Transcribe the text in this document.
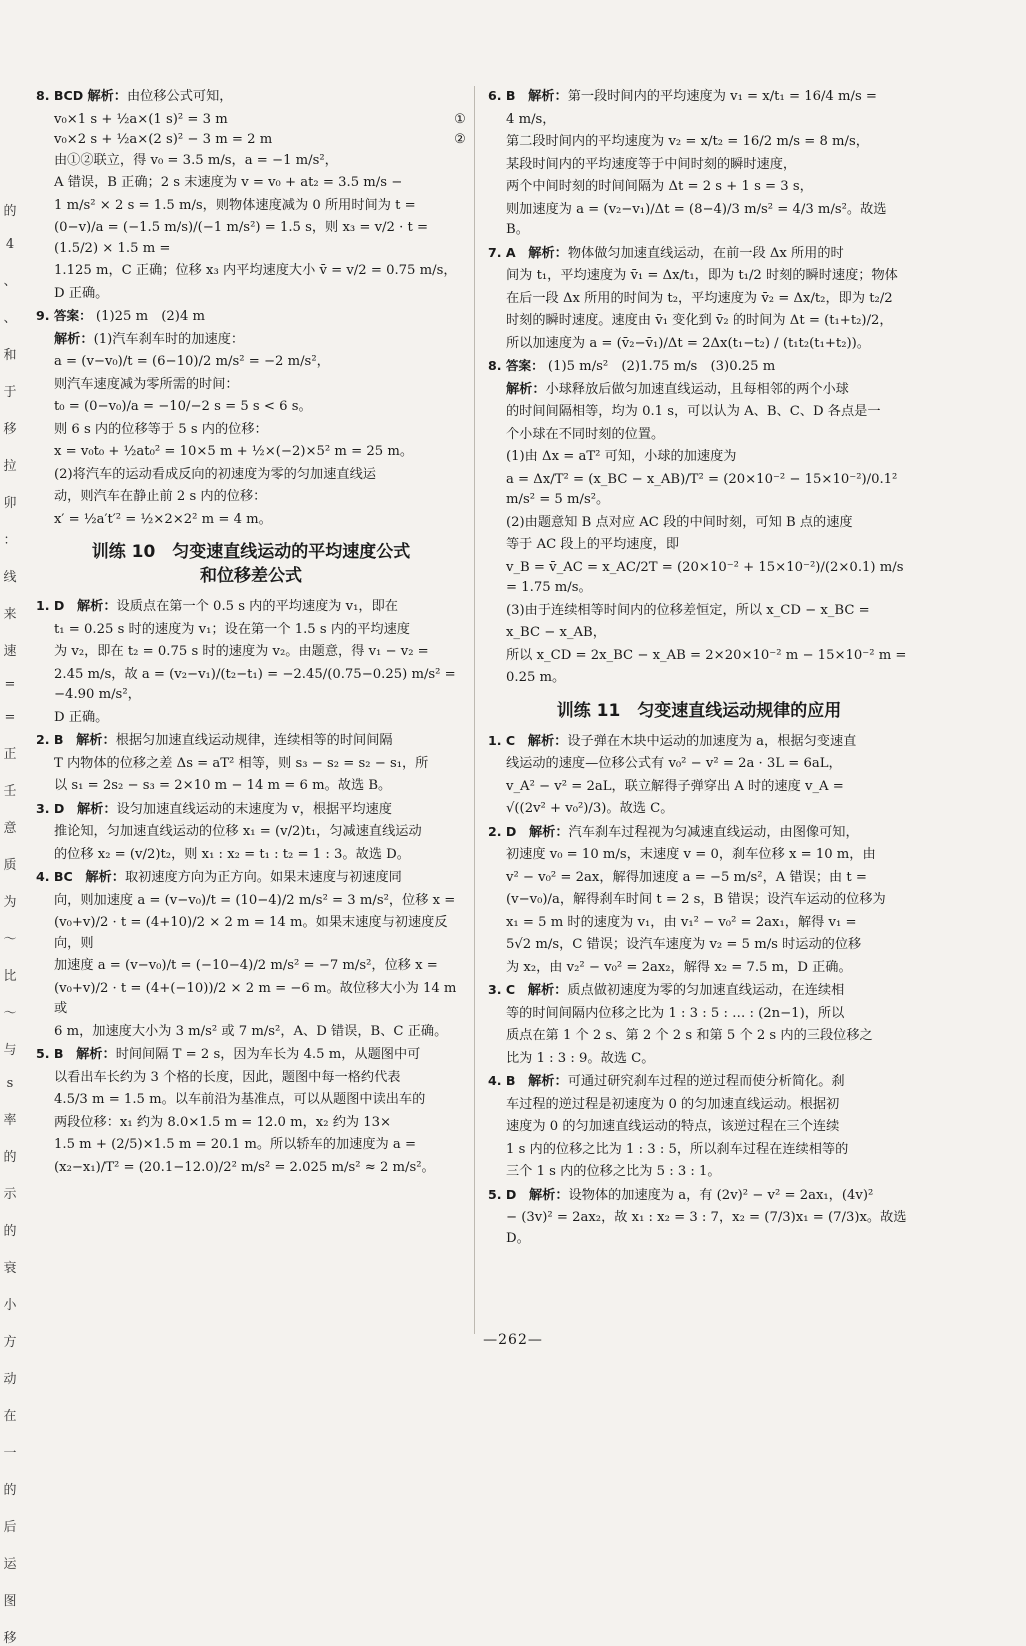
的
4
、
、
和
于
移
拉
卯
：
线
来
速
=
=
正
壬
意
质
为
～
比
～
与
s
率
的
示
的
衰
小
方
动
在
一
的
后
运
图
移

8. BCD 解析：由位移公式可知，

v₀×1 s + ½a×(1 s)² = 3 m	①
v₀×2 s + ½a×(2 s)² − 3 m = 2 m	②

由①②联立，得 v₀ = 3.5 m/s，a = −1 m/s²，

A 错误，B 正确；2 s 末速度为 v = v₀ + at₂ = 3.5 m/s −

1 m/s² × 2 s = 1.5 m/s，则物体速度减为 0 所用时间为 t =

(0−v)/a = (−1.5 m/s)/(−1 m/s²) = 1.5 s，则 x₃ = v/2 · t = (1.5/2) × 1.5 m =

1.125 m，C 正确；位移 x₃ 内平均速度大小 v̄ = v/2 = 0.75 m/s，

D 正确。

9. 答案： (1)25 m　(2)4 m

解析：(1)汽车刹车时的加速度：

a = (v−v₀)/t = (6−10)/2 m/s² = −2 m/s²，

则汽车速度减为零所需的时间：

t₀ = (0−v₀)/a = −10/−2 s = 5 s < 6 s。

则 6 s 内的位移等于 5 s 内的位移：

x = v₀t₀ + ½at₀² = 10×5 m + ½×(−2)×5² m = 25 m。

(2)将汽车的运动看成反向的初速度为零的匀加速直线运

动，则汽车在静止前 2 s 内的位移：

x′ = ½a′t′² = ½×2×2² m = 4 m。

训练 10　匀变速直线运动的平均速度公式
和位移差公式

1. D　解析：设质点在第一个 0.5 s 内的平均速度为 v₁，即在

t₁ = 0.25 s 时的速度为 v₁；设在第一个 1.5 s 内的平均速度

为 v₂，即在 t₂ = 0.75 s 时的速度为 v₂。由题意，得 v₁ − v₂ =

2.45 m/s，故 a = (v₂−v₁)/(t₂−t₁) = −2.45/(0.75−0.25) m/s² = −4.90 m/s²，

D 正确。

2. B　解析：根据匀加速直线运动规律，连续相等的时间间隔

T 内物体的位移之差 Δs = aT² 相等，则 s₃ − s₂ = s₂ − s₁，所

以 s₁ = 2s₂ − s₃ = 2×10 m − 14 m = 6 m。故选 B。

3. D　解析：设匀加速直线运动的末速度为 v，根据平均速度

推论知，匀加速直线运动的位移 x₁ = (v/2)t₁，匀减速直线运动

的位移 x₂ = (v/2)t₂，则 x₁ : x₂ = t₁ : t₂ = 1 : 3。故选 D。

4. BC　解析：取初速度方向为正方向。如果末速度与初速度同

向，则加速度 a = (v−v₀)/t = (10−4)/2 m/s² = 3 m/s²，位移 x =

(v₀+v)/2 · t = (4+10)/2 × 2 m = 14 m。如果末速度与初速度反向，则

加速度 a = (v−v₀)/t = (−10−4)/2 m/s² = −7 m/s²，位移 x =

(v₀+v)/2 · t = (4+(−10))/2 × 2 m = −6 m。故位移大小为 14 m 或

6 m，加速度大小为 3 m/s² 或 7 m/s²，A、D 错误，B、C 正确。

5. B　解析：时间间隔 T = 2 s，因为车长为 4.5 m，从题图中可

以看出车长约为 3 个格的长度，因此，题图中每一格约代表

4.5/3 m = 1.5 m。以车前沿为基准点，可以从题图中读出车的

两段位移：x₁ 约为 8.0×1.5 m = 12.0 m，x₂ 约为 13×

1.5 m + (2/5)×1.5 m = 20.1 m。所以轿车的加速度为 a =

(x₂−x₁)/T² = (20.1−12.0)/2² m/s² = 2.025 m/s² ≈ 2 m/s²。

6. B　解析：第一段时间内的平均速度为 v₁ = x/t₁ = 16/4 m/s =

4 m/s，

第二段时间内的平均速度为 v₂ = x/t₂ = 16/2 m/s = 8 m/s，

某段时间内的平均速度等于中间时刻的瞬时速度，

两个中间时刻的时间间隔为 Δt = 2 s + 1 s = 3 s，

则加速度为 a = (v₂−v₁)/Δt = (8−4)/3 m/s² = 4/3 m/s²。故选 B。

7. A　解析：物体做匀加速直线运动，在前一段 Δx 所用的时

间为 t₁，平均速度为 v̄₁ = Δx/t₁，即为 t₁/2 时刻的瞬时速度；物体

在后一段 Δx 所用的时间为 t₂，平均速度为 v̄₂ = Δx/t₂，即为 t₂/2

时刻的瞬时速度。速度由 v̄₁ 变化到 v̄₂ 的时间为 Δt = (t₁+t₂)/2，

所以加速度为 a = (v̄₂−v̄₁)/Δt = 2Δx(t₁−t₂) / (t₁t₂(t₁+t₂))。

8. 答案： (1)5 m/s²　(2)1.75 m/s　(3)0.25 m

解析：小球释放后做匀加速直线运动，且每相邻的两个小球

的时间间隔相等，均为 0.1 s，可以认为 A、B、C、D 各点是一

个小球在不同时刻的位置。

(1)由 Δx = aT² 可知，小球的加速度为

a = Δx/T² = (x_BC − x_AB)/T² = (20×10⁻² − 15×10⁻²)/0.1² m/s² = 5 m/s²。

(2)由题意知 B 点对应 AC 段的中间时刻，可知 B 点的速度

等于 AC 段上的平均速度，即

v_B = v̄_AC = x_AC/2T = (20×10⁻² + 15×10⁻²)/(2×0.1) m/s = 1.75 m/s。

(3)由于连续相等时间内的位移差恒定，所以 x_CD − x_BC =

x_BC − x_AB，

所以 x_CD = 2x_BC − x_AB = 2×20×10⁻² m − 15×10⁻² m =

0.25 m。

训练 11　匀变速直线运动规律的应用

1. C　解析：设子弹在木块中运动的加速度为 a，根据匀变速直

线运动的速度—位移公式有 v₀² − v² = 2a · 3L = 6aL，

v_A² − v² = 2aL，联立解得子弹穿出 A 时的速度 v_A =

√((2v² + v₀²)/3)。故选 C。

2. D　解析：汽车刹车过程视为匀减速直线运动，由图像可知，

初速度 v₀ = 10 m/s，末速度 v = 0，刹车位移 x = 10 m，由

v² − v₀² = 2ax，解得加速度 a = −5 m/s²，A 错误；由 t =

(v−v₀)/a，解得刹车时间 t = 2 s，B 错误；设汽车运动的位移为

x₁ = 5 m 时的速度为 v₁，由 v₁² − v₀² = 2ax₁，解得 v₁ =

5√2 m/s，C 错误；设汽车速度为 v₂ = 5 m/s 时运动的位移

为 x₂，由 v₂² − v₀² = 2ax₂，解得 x₂ = 7.5 m，D 正确。

3. C　解析：质点做初速度为零的匀加速直线运动，在连续相

等的时间间隔内位移之比为 1 : 3 : 5 : … : (2n−1)，所以

质点在第 1 个 2 s、第 2 个 2 s 和第 5 个 2 s 内的三段位移之

比为 1 : 3 : 9。故选 C。

4. B　解析：可通过研究刹车过程的逆过程而使分析简化。刹

车过程的逆过程是初速度为 0 的匀加速直线运动。根据初

速度为 0 的匀加速直线运动的特点，该逆过程在三个连续

1 s 内的位移之比为 1 : 3 : 5，所以刹车过程在连续相等的

三个 1 s 内的位移之比为 5 : 3 : 1。

5. D　解析：设物体的加速度为 a，有 (2v)² − v² = 2ax₁，(4v)²

− (3v)² = 2ax₂，故 x₁ : x₂ = 3 : 7，x₂ = (7/3)x₁ = (7/3)x。故选 D。

—262—
